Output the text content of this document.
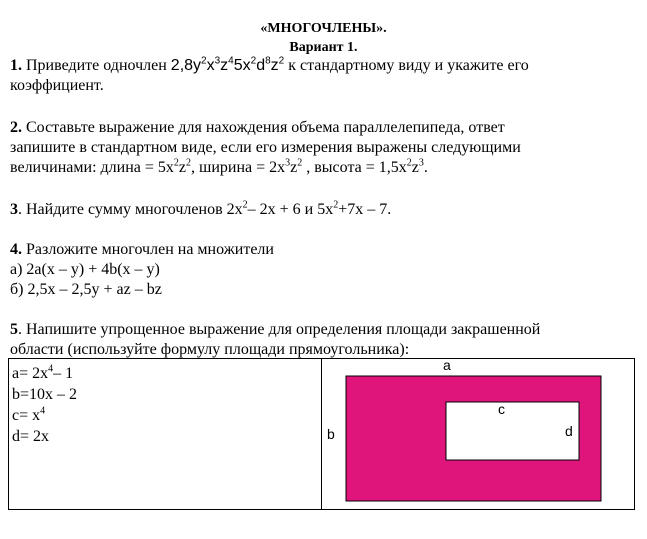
«МНОГОЧЛЕНЫ».
Вариант 1.
1. Приведите одночлен $2,8y^2x^3z^45x^2d^8z^2$ к стандартному виду и укажите его
коэффициент.
2. Составьте выражение для нахождения объема параллелепипеда, ответ
запишите в стандартном виде, если его измерения выражены следующими
величинами: длина = $5x^2z^2$, ширина = $2x^3z^2$ , высота = $1,5x^2z^3$.
3. Найдите сумму многочленов $2x^2-$ 2x + 6 и $5x^2+7x - 7$.
4. Разложите многочлен на множители
а) 2a(x – y) + 4b(x – y)
б) 2,5x – 2,5y + az – bz
5. Напишите упрощенное выражение для определения площади закрашенной
области (используйте формулу площади прямоугольника):
$a= 2x^4-$ 1
b=10x – 2
$c= x^4$
d= 2x
a
b
c
d
